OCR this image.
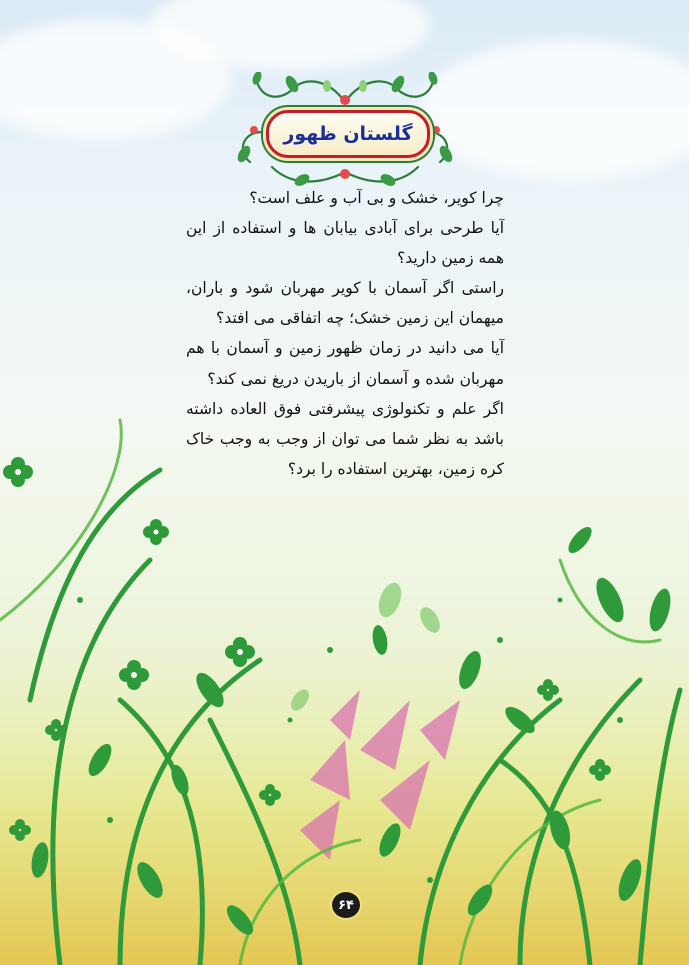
گلستان ظهور

چرا کویر، خشک و بی آب و علف است؟

آیا طرحی برای آبادی بیابان ها و استفاده از این همه زمین دارید؟

راستی اگر آسمان با کویر مهربان شود و باران، میهمان این زمین خشک؛ چه اتفاقی می افتد؟

آیا می دانید در زمان ظهور زمین و آسمان با هم مهربان شده و آسمان از باریدن دریغ نمی کند؟

اگر علم و تکنولوژی پیشرفتی فوق العاده داشته باشد به نظر شما می توان از وجب به وجب خاک کره زمین، بهترین استفاده را برد؟

۶۴
